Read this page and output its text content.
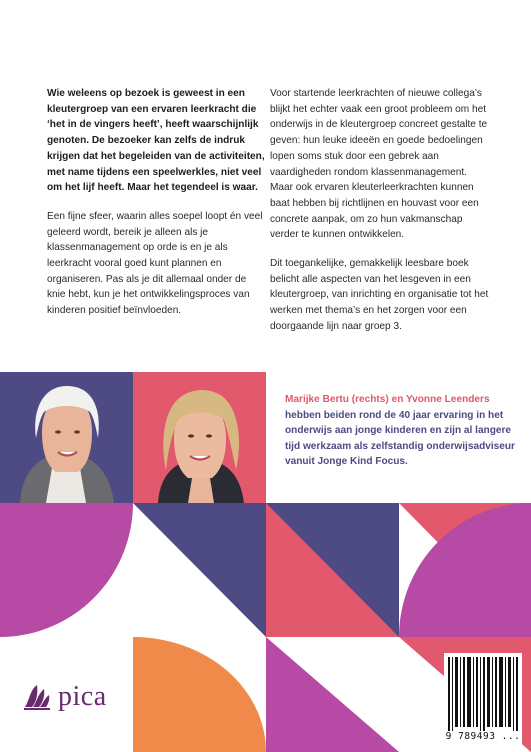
Wie weleens op bezoek is geweest in een kleutergroep van een ervaren leerkracht die ‘het in de vingers heeft’, heeft waarschijnlijk genoten. De bezoeker kan zelfs de indruk krijgen dat het begeleiden van de activiteiten, met name tijdens een speelwerkles, niet veel om het lijf heeft. Maar het tegendeel is waar.

Een fijne sfeer, waarin alles soepel loopt én veel geleerd wordt, bereik je alleen als je klassenmanagement op orde is en je als leerkracht vooral goed kunt plannen en organiseren. Pas als je dit allemaal onder de knie hebt, kun je het ontwikkelingsproces van kinderen positief beïnvloeden.

Voor startende leerkrachten of nieuwe collega’s blijkt het echter vaak een groot probleem om het onderwijs in de kleutergroep concreet gestalte te geven: hun leuke ideeën en goede bedoelingen lopen soms stuk door een gebrek aan vaardigheden rondom klassenmanagement. Maar ook ervaren kleuterleerkrachten kunnen baat hebben bij richtlijnen en houvast voor een concrete aanpak, om zo hun vakmanschap verder te kunnen ontwikkelen.

Dit toegankelijke, gemakkelijk leesbare boek belicht alle aspecten van het lesgeven in een kleutergroep, van inrichting en organisatie tot het werken met thema’s en het zorgen voor een doorgaande lijn naar groep 3.

Marijke Bertu (rechts) en Yvonne Leenders hebben beiden rond de 40 jaar ervaring in het onderwijs aan jonge kinderen en zijn al langere tijd werkzaam als zelfstandig onderwijsadviseur vanuit Jonge Kind Focus.
pica
9 789493 ...
